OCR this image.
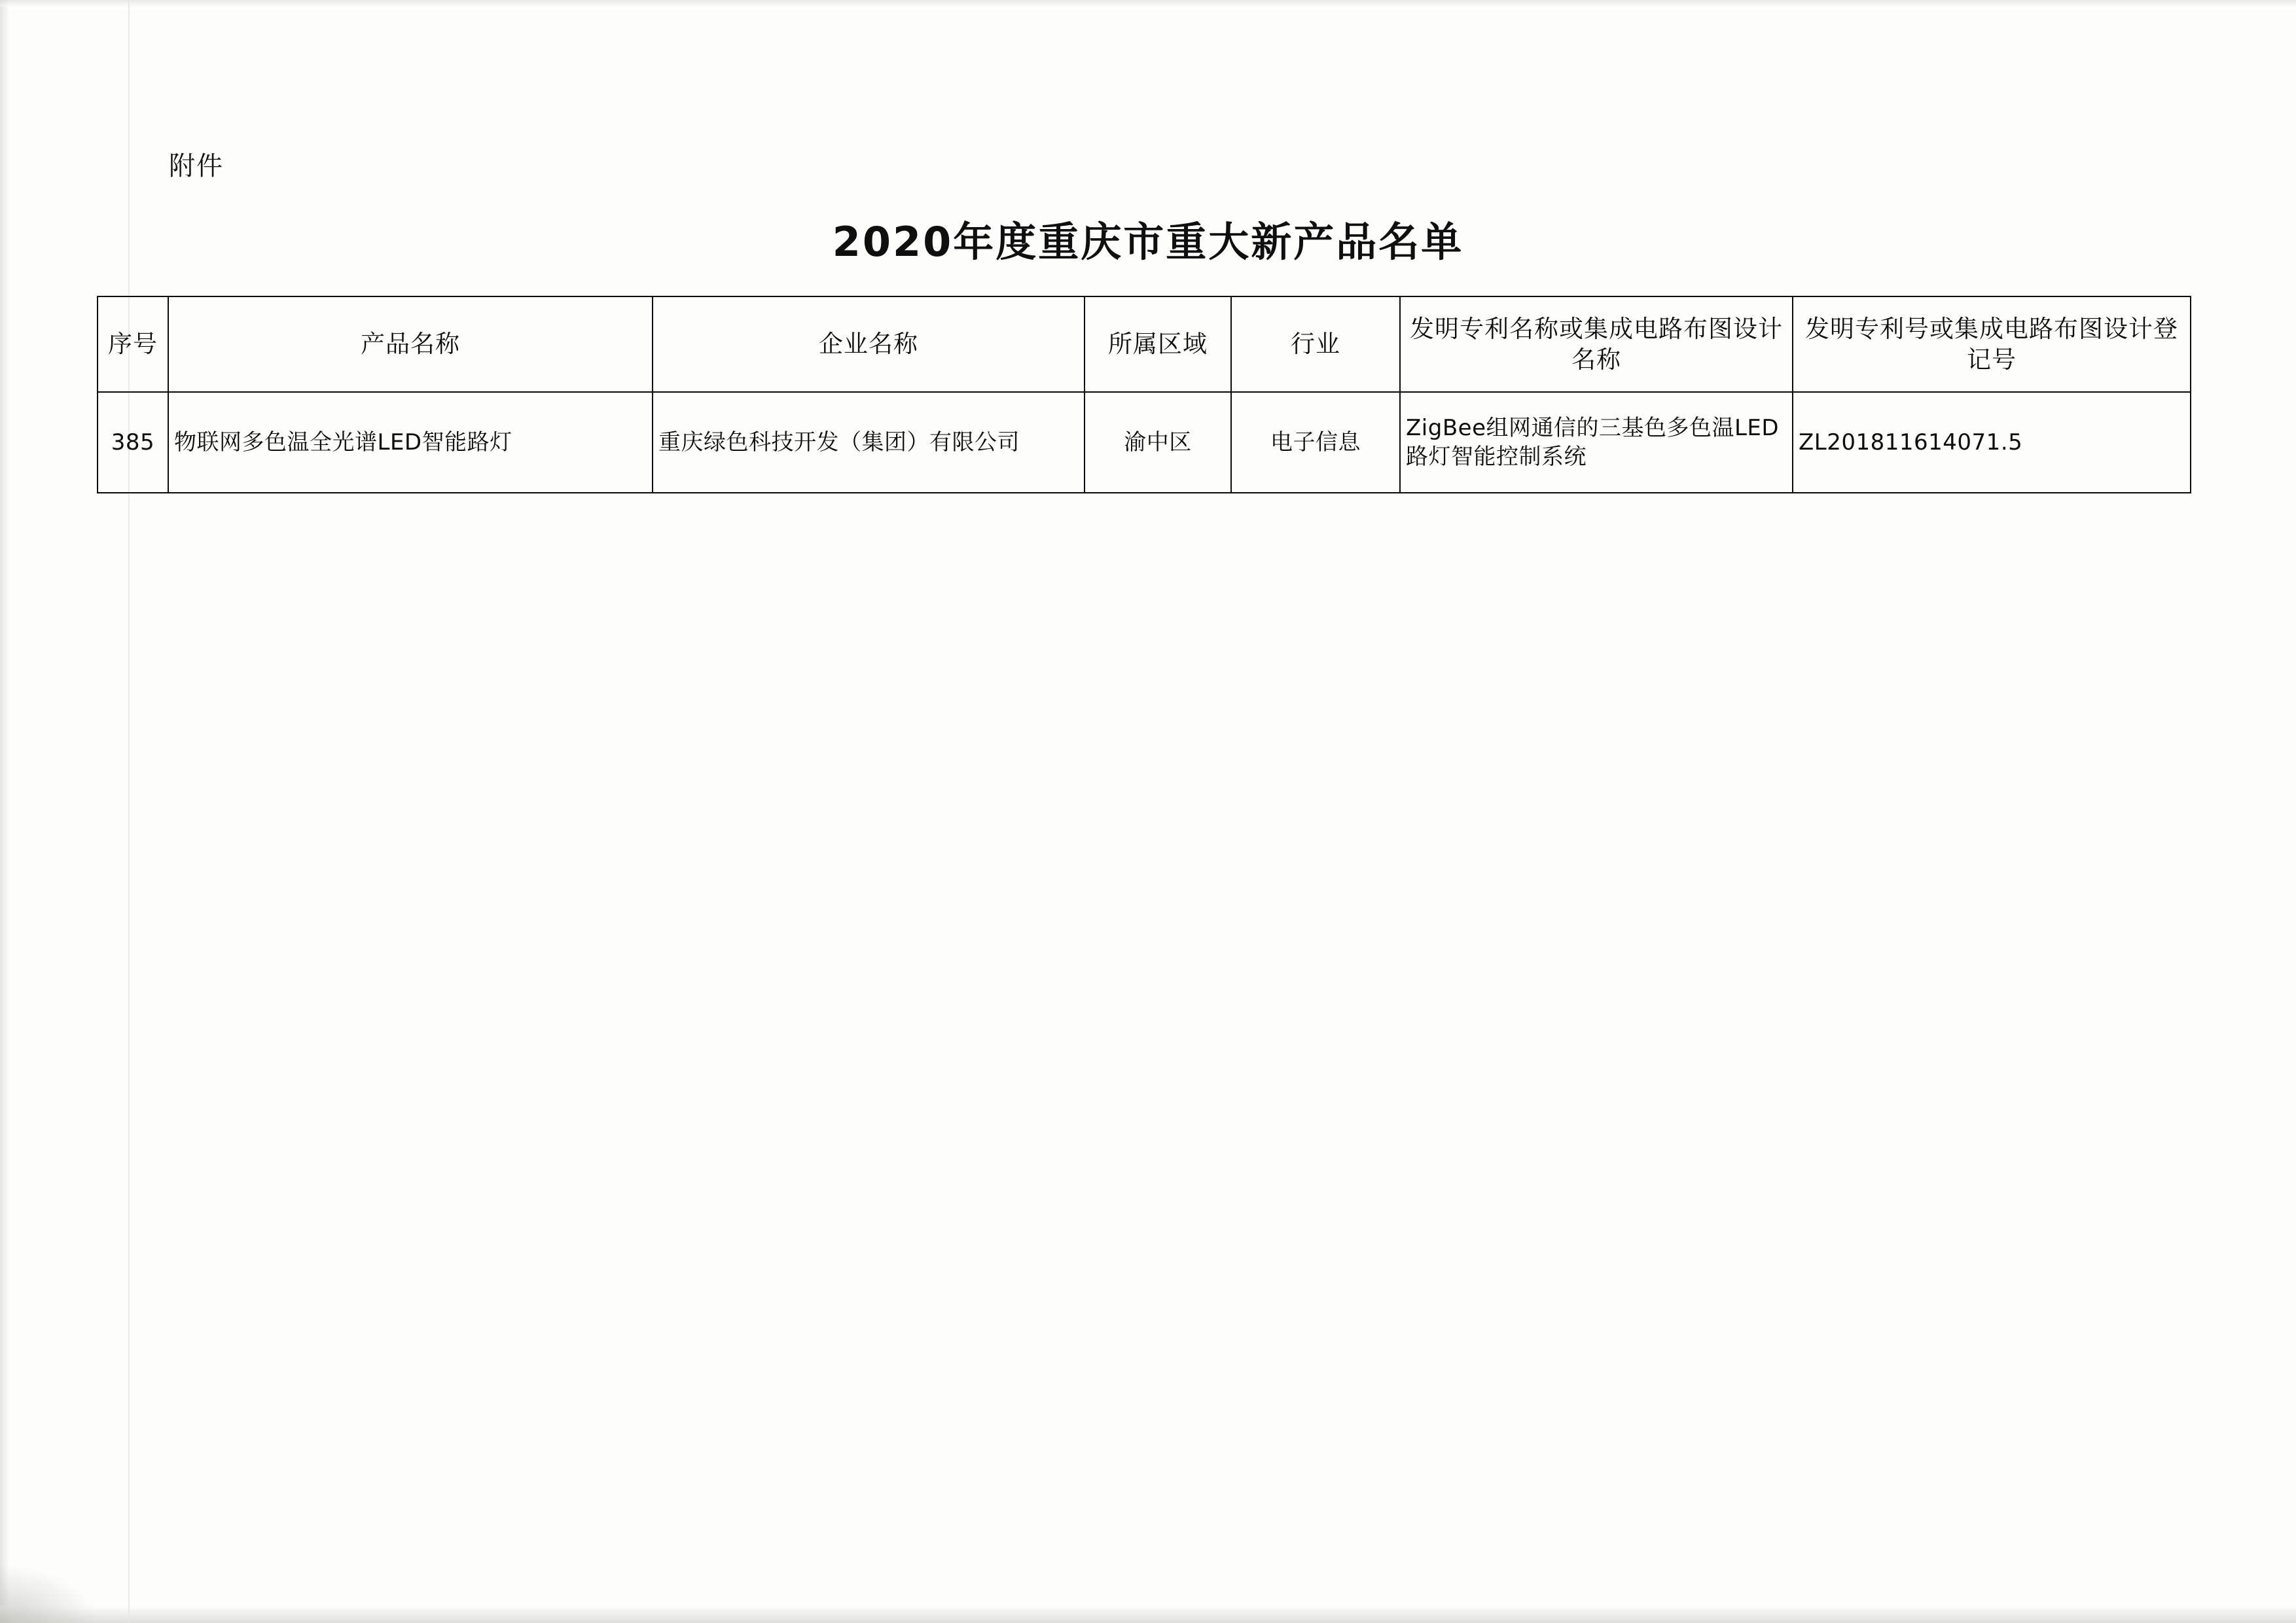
附件
2020年度重庆市重大新产品名单
序号	产品名称	企业名称	所属区域	行业	发明专利名称或集成电路布图设计名称	发明专利号或集成电路布图设计登记号
385	物联网多色温全光谱LED智能路灯	重庆绿色科技开发（集团）有限公司	渝中区	电子信息	ZigBee组网通信的三基色多色温LED路灯智能控制系统	ZL201811614071.5
